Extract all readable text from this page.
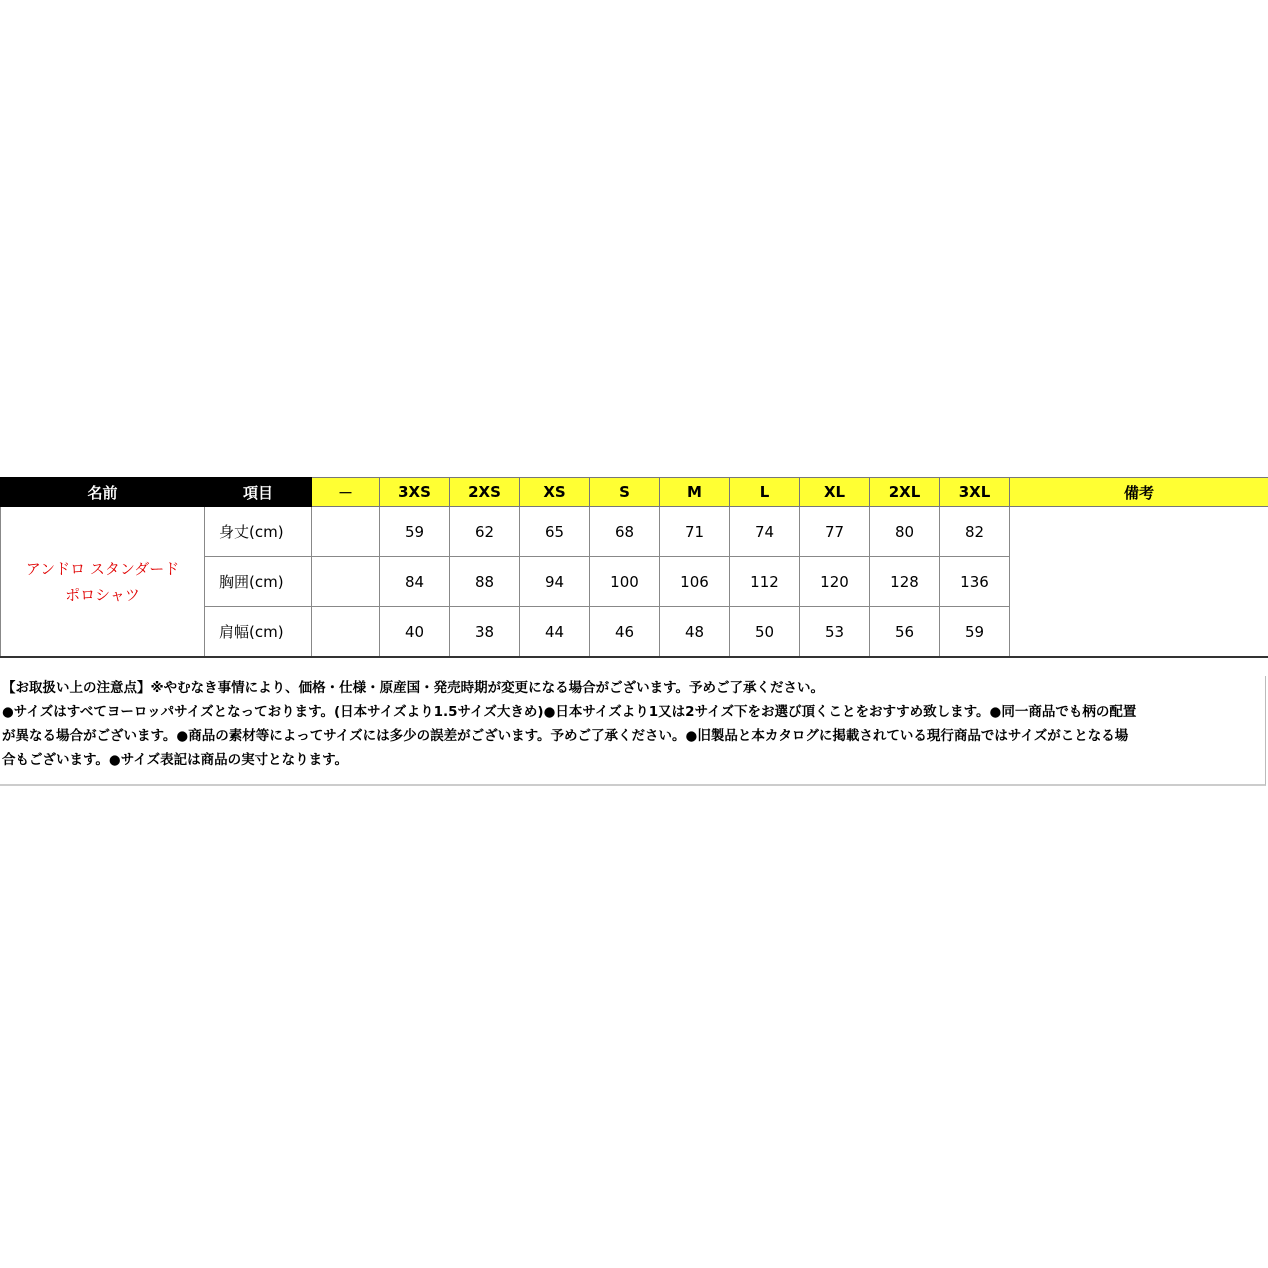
名前	項目	－	3XS	2XS	XS	S	M	L	XL	2XL	3XL	備考

アンドロ スタンダード
ポロシャツ	身丈(cm)		59	62	65	68	71	74	77	80	82	
	胸囲(cm)		84	88	94	100	106	112	120	128	136	
	肩幅(cm)		40	38	44	46	48	50	53	56	59	

【お取扱い上の注意点】※やむなき事情により、価格・仕様・原産国・発売時期が変更になる場合がございます。予めご了承ください。

●サイズはすべてヨーロッパサイズとなっております。(日本サイズより1.5サイズ大きめ)●日本サイズより1又は2サイズ下をお選び頂くことをおすすめ致します。●同一商品でも柄の配置

が異なる場合がございます。●商品の素材等によってサイズには多少の誤差がございます。予めご了承ください。●旧製品と本カタログに掲載されている現行商品ではサイズがことなる場

合もございます。●サイズ表記は商品の実寸となります。
